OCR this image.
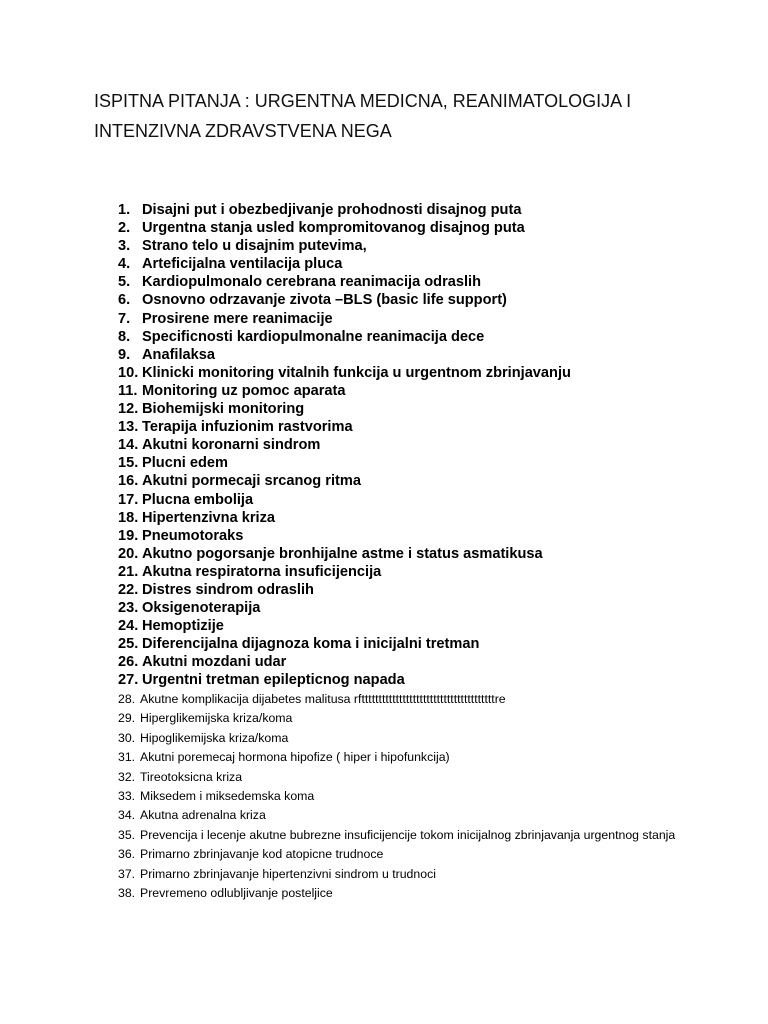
ISPITNA PITANJA : URGENTNA MEDICNA, REANIMATOLOGIJA I INTENZIVNA ZDRAVSTVENA NEGA
1. Disajni put i obezbedjivanje prohodnosti disajnog puta
2. Urgentna stanja usled kompromitovanog disajnog puta
3. Strano telo u disajnim putevima,
4. Arteficijalna ventilacija pluca
5. Kardiopulmonalo cerebrana reanimacija odraslih
6. Osnovno odrzavanje zivota –BLS (basic life support)
7. Prosirene mere reanimacije
8. Specificnosti kardiopulmonalne reanimacija dece
9. Anafilaksa
10. Klinicki monitoring vitalnih funkcija u urgentnom zbrinjavanju
11. Monitoring uz pomoc aparata
12. Biohemijski monitoring
13. Terapija infuzionim rastvorima
14. Akutni koronarni sindrom
15. Plucni edem
16. Akutni pormecaji srcanog ritma
17. Plucna embolija
18. Hipertenzivna kriza
19. Pneumotoraks
20. Akutno pogorsanje bronhijalne astme i status asmatikusa
21. Akutna respiratorna insuficijencija
22. Distres sindrom odraslih
23. Oksigenoterapija
24. Hemoptizije
25. Diferencijalna dijagnoza koma i inicijalni tretman
26. Akutni mozdani udar
27. Urgentni tretman epilepticnog napada
28. Akutne komplikacija dijabetes malitusa rftttttttttttttttttttttttttttttttttttttttre
29. Hiperglikemijska kriza/koma
30. Hipoglikemijska kriza/koma
31. Akutni poremecaj hormona hipofize ( hiper i hipofunkcija)
32. Tireotoksicna kriza
33. Miksedem i miksedemska koma
34. Akutna adrenalna kriza
35. Prevencija i lecenje akutne bubrezne insuficijencije tokom inicijalnog zbrinjavanja urgentnog stanja
36. Primarno zbrinjavanje kod atopicne trudnoce
37. Primarno zbrinjavanje hipertenzivni sindrom u trudnoci
38. Prevremeno odlubljivanje posteljice
